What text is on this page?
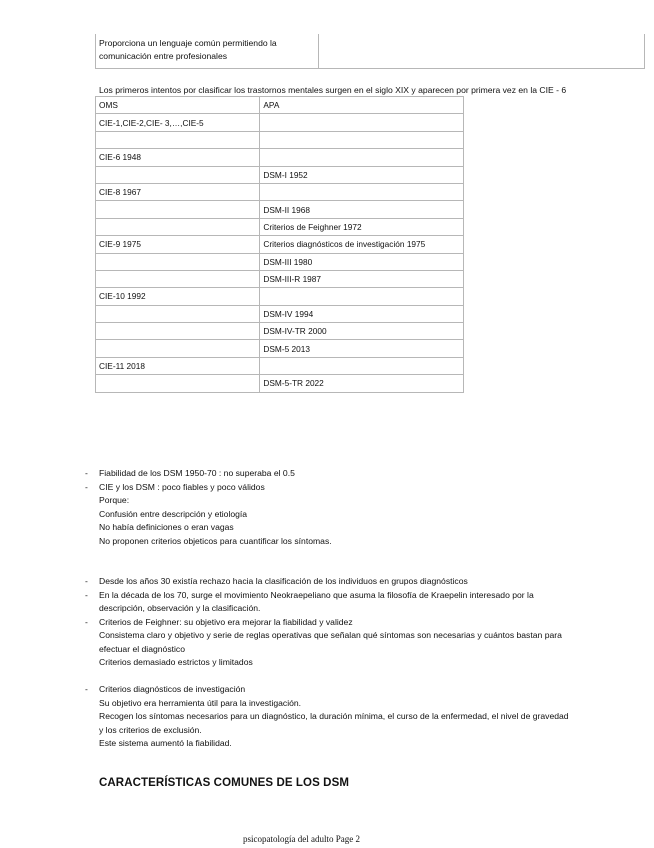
Proporciona un lenguaje común permitiendo la comunicación entre profesionales
Los primeros intentos por clasificar los trastornos mentales surgen en el siglo XIX y aparecen por primera vez en la CIE - 6
OMS	APA
CIE-1,CIE-2,CIE- 3,…,CIE-5	

CIE-6 1948	
	DSM-I 1952
CIE-8 1967	
	DSM-II 1968
	Criterios de Feighner 1972
CIE-9 1975	Criterios diagnósticos de investigación 1975
	DSM-III 1980
	DSM-III-R 1987
CIE-10 1992	
	DSM-IV 1994
	DSM-IV-TR 2000
	DSM-5 2013
CIE-11 2018	
	DSM-5-TR 2022
- Fiabilidad de los DSM 1950-70 : no superaba el 0.5
- CIE y los DSM : poco fiables y poco válidos
Porque:
Confusión entre descripción y etiología
No había definiciones o eran vagas
No proponen criterios objeticos para cuantificar los síntomas.
- Desde los años 30 existía rechazo hacia la clasificación de los individuos en grupos diagnósticos
- En la década de los 70, surge el movimiento Neokraepeliano que asuma la filosofía de Kraepelin interesado por la
descripción, observación y la clasificación.
- Criterios de Feighner: su objetivo era mejorar la fiabilidad y validez
Consistema claro y objetivo y serie de reglas operativas que señalan qué síntomas son necesarias y cuántos bastan para
efectuar el diagnóstico
Criterios demasiado estrictos y limitados
- Criterios diagnósticos de investigación
Su objetivo era herramienta útil para la investigación.
Recogen los síntomas necesarios para un diagnóstico, la duración mínima, el curso de la enfermedad, el nivel de gravedad
y los criterios de exclusión.
Este sistema aumentó la fiabilidad.
CARACTERÍSTICAS COMUNES DE LOS DSM
psicopatología del adulto Page 2
